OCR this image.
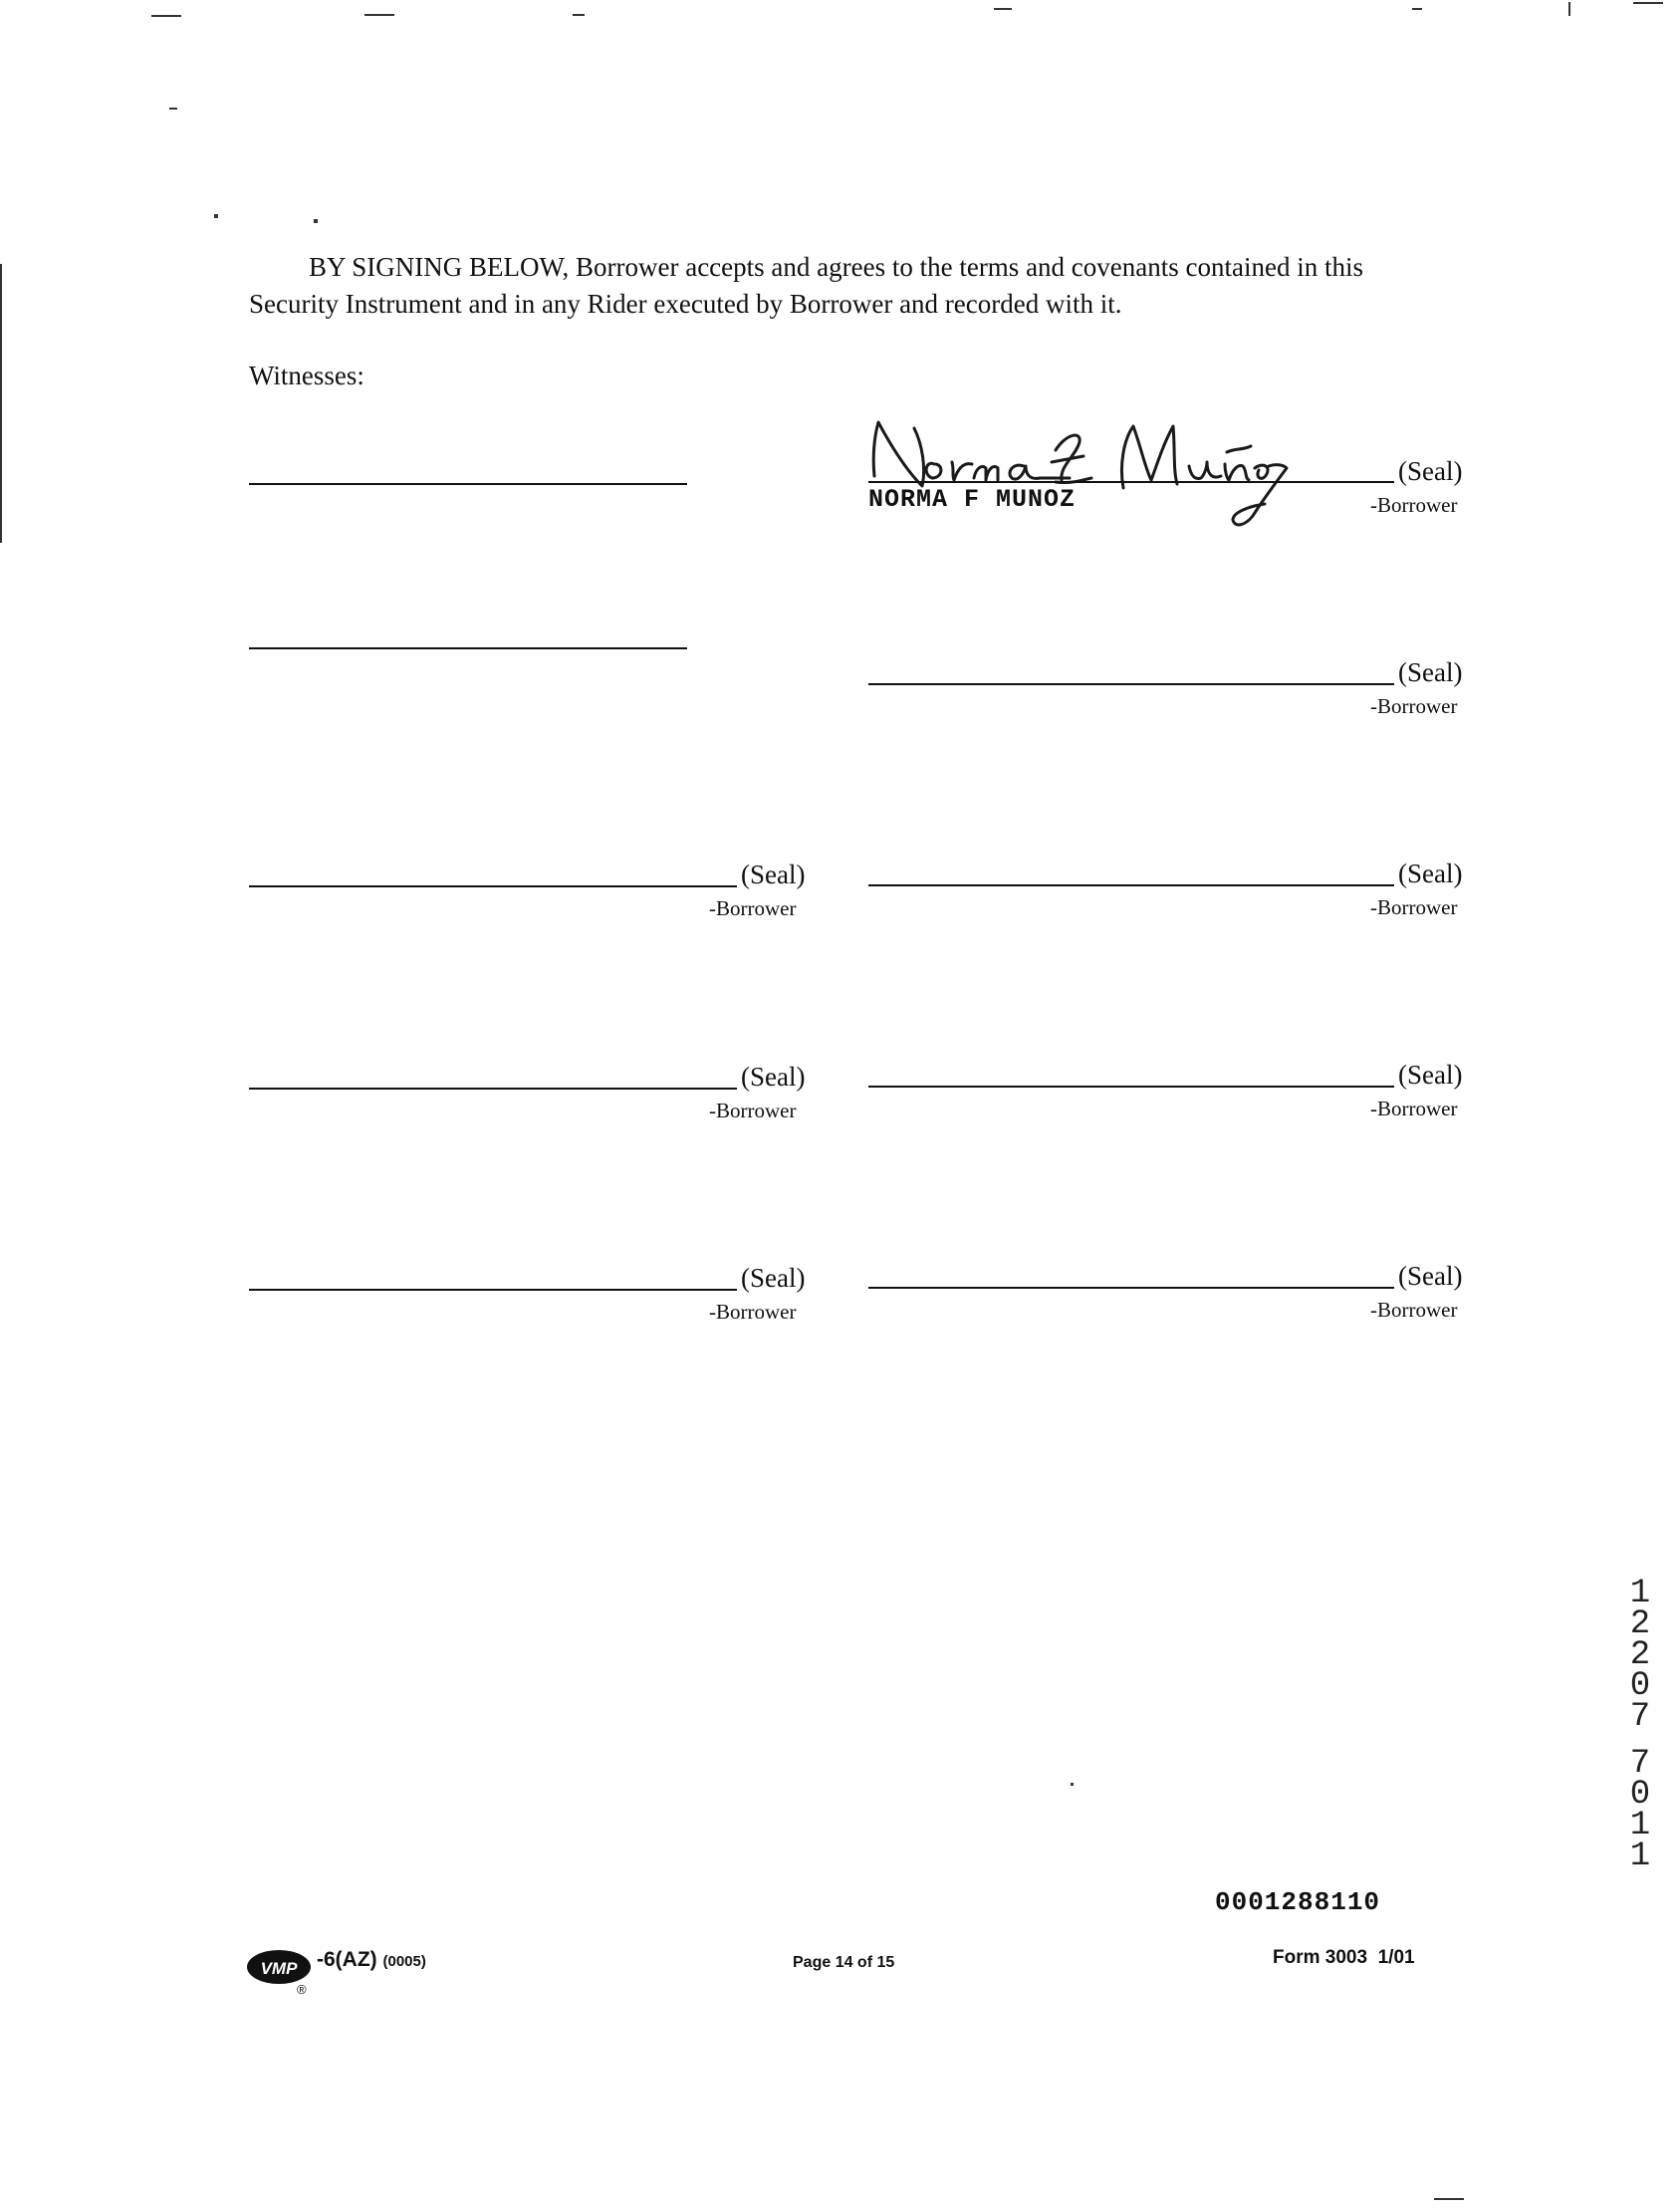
BY SIGNING BELOW, Borrower accepts and agrees to the terms and covenants contained in this
Security Instrument and in any Rider executed by Borrower and recorded with it.
Witnesses:
(Seal)
NORMA F MUNOZ	-Borrower
(Seal)
-Borrower
(Seal)
-Borrower
(Seal)
-Borrower
(Seal)
-Borrower
(Seal)
-Borrower
(Seal)
-Borrower
(Seal)
-Borrower
0001288110
VMP
®
-6(AZ) (0005)	Page 14 of 15	Form 3003  1/01
1
2
2
0
7
7
0
1
1
